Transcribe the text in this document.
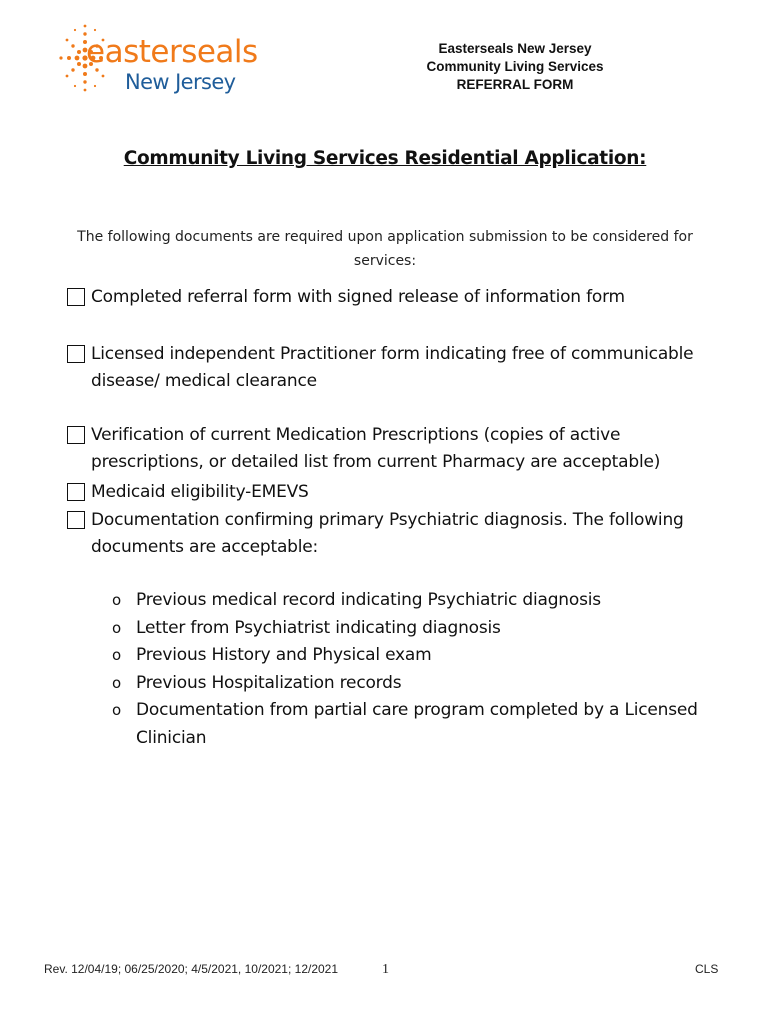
easterseals
New Jersey
Easterseals New Jersey
Community Living Services
REFERRAL FORM
Community Living Services Residential Application:
The following documents are required upon application submission to be considered for services:
Completed referral form with signed release of information form
Licensed independent Practitioner form indicating free of communicable disease/ medical clearance
Verification of current Medication Prescriptions (copies of active prescriptions, or detailed list from current Pharmacy are acceptable)
Medicaid eligibility-EMEVS
Documentation confirming primary Psychiatric diagnosis. The following documents are acceptable:
o Previous medical record indicating Psychiatric diagnosis
o Letter from Psychiatrist indicating diagnosis
o Previous History and Physical exam
o Previous Hospitalization records
o Documentation from partial care program completed by a Licensed Clinician
Rev. 12/04/19; 06/25/2020; 4/5/2021, 10/2021; 12/2021	1	CLS
